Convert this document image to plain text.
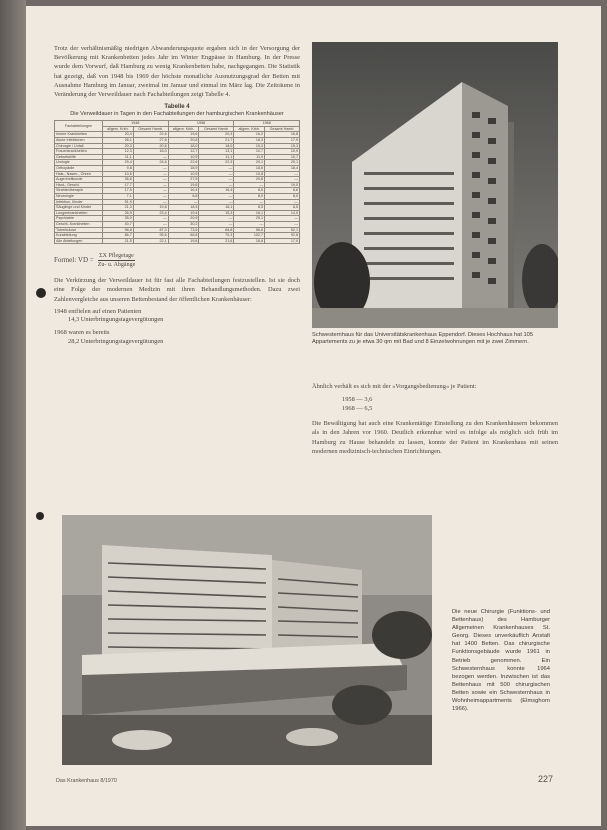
Trotz der verhältnismäßig niedrigen Abwanderungsquote ergaben sich in der Versorgung der Bevölkerung mit Krankenbetten jedes Jahr im Winter Engpässe in Hamburg. In der Presse wurde dem Vorwurf, daß Hamburg zu wenig Krankenbetten habe, nachgegangen. Die Statistik hat gezeigt, daß von 1948 bis 1969 der höchste monatliche Ausnutzungsgrad der Betten mit Ausnahme Hamburg im Januar, zweimal im Januar und einmal im März lag. Die Zeiträume in Veränderung der Verweildauer nach Fachabteilungen zeigt Tabelle 4.

Tabelle 4
Die Verweildauer in Tagen in den Fachabteilungen der hamburgischen Krankenhäuser
Fachabteilungen	1948		1958		1968	
	allgem. Krkh.	Gesamt Hamb.	allgem. Krkh.	Gesamt Hamb.	allgem. Krkh.	Gesamt Hamb.
Innere Krankheiten	20,4	22,6	19,6	20,3	16,2	16,8
Akute Infektionen	26,1	27,6	20,8	21,7	18,3	17,9
Chirurgie / Unfall	20,3	20,6	18,0	18,0	15,3	15,3
Frauenkrankheiten	12,3	16,0	12,7	13,1	10,7	10,9
Geburtshilfe	11,1	—	10,9	11,1	11,9	10,7
Urologie	29,4	24,6	22,6	22,3	20,1	20,1
Orthopädie	9,8	—	18,9	—	18,6	18,4
Hals-, Nasen-, Ohren	10,6	—	10,9	—	10,8	—
Augenheilkunde	36,6	—	27,5	—	20,8	—
Haut-, Geschl.	17,7	—	19,6	—	—	19,0
Strahlentherapie	17,5	—	16,4	16,4	8,6	8,8
Neurologie	7,1	—	8,8	—	8,0	8,0
Infektion, Kinder	51,9	—	—	—	—	—
Säuglinge und Kinder	21,3	19,8	18,5	16,1	8,5	8,5
Lungenkrankheiten	26,9	23,4	19,4	15,3	16,1	14,0
Psychiatrie	35,0	—	20,9	—	25,1	—
Geschl.-Krankheiten	40,7	—	30,2	—	—	—
Tuberkulose	98,8	87,0	73,6	66,8	56,6	52,1
Kurabteilung	86,7	95,6	68,8	70,3	102,7	92,8
Alle Abteilungen	21,5	22,1	19,8	21,6	16,8	17,0
Formel:
VD = $\frac{\text{ΣX Pflegetage}}{\text{Zu- u. Abgänge}}$

Die Verkürzung der Verweildauer ist für fast alle Fachabteilungen festzustellen. Ist sie doch eine Folge der modernen Medizin mit ihren Behandlungsmethoden. Dazu zwei Zahlenvergleiche aus unseren Bettenbestand der öffentlichen Krankenhäuser:

1948 entfielen auf einen Patienten

14,3 Unterbringungstagevergütungen

1968 waren es bereits

28,2 Unterbringungstagevergütungen

Schwesternhaus für das Universitätskrankenhaus Eppendorf. Dieses Hochhaus hat 105 Appartements zu je etwa 30 qm mit Bad und 8 Einzelwohnungen mit je zwei Zimmern.

Ähnlich verhält es sich mit der »Vorgangsbedienung« je Patient:

1958 — 3,6
1968 — 6,5

Die Bewältigung hat auch eine Krankentätige Einstellung zu den Krankenhäusern bekommen als in den Jahren vor 1960. Deutlich erkennbar wird es infolge als möglich sich früh im Hamburg zu Hause behandeln zu lassen, konnte der Patient im Krankenhaus mit seinen modernen medizinisch-technischen Einrichtungen.

Die neue Chirurgie (Funktions- und Bettenhaus) des Hamburger Allgemeinen Krankenhauses St. Georg. Dieses unverkäuflich Anstalt hat 1400 Betten. Das chirurgische Funktionsgebäude wurde 1961 in Betrieb genommen. Ein Schwesternhaus konnte 1964 bezogen werden. Inzwischen ist das Bettenhaus mit 500 chirurgischen Betten sowie ein Schwesternhaus in Wohnheimappartments (Elmsghorn 1966).
Das Krankenhaus 8/1970	227
